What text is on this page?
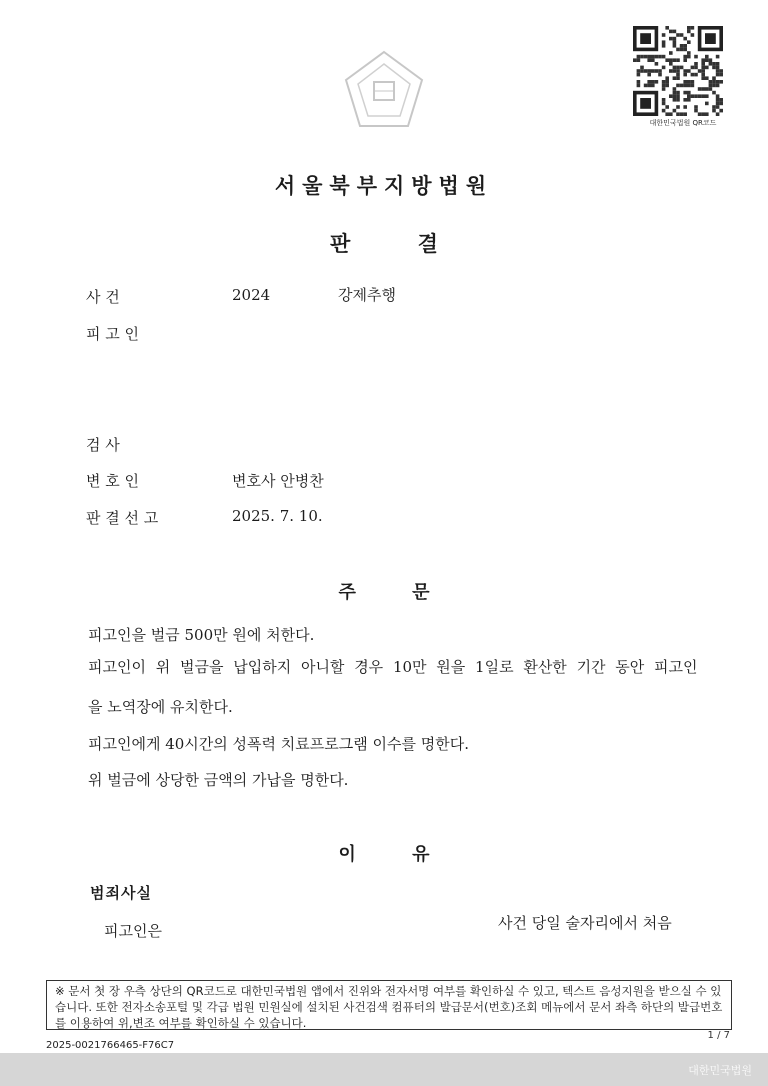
대한민국법원 QR코드
서울북부지방법원
판 결
사 건	2024	강제추행
피 고 인
검 사
변 호 인	변호사 안병찬
판 결 선 고	2025. 7. 10.
주 문
피고인을 벌금 500만 원에 처한다.
피고인이 위 벌금을 납입하지 아니할 경우 10만 원을 1일로 환산한 기간 동안 피고인
을 노역장에 유치한다.
피고인에게 40시간의 성폭력 치료프로그램 이수를 명한다.
위 벌금에 상당한 금액의 가납을 명한다.
이 유
범죄사실
피고인은	사건 당일 술자리에서 처음
※ 문서 첫 장 우측 상단의 QR코드로 대한민국법원 앱에서 진위와 전자서명 여부를 확인하실 수 있고, 텍스트 음성지원을 받으실 수 있습니다. 또한 전자소송포털 및 각급 법원 민원실에 설치된 사건검색 컴퓨터의 발급문서(번호)조회 메뉴에서 문서 좌측 하단의 발급번호를 이용하여 위,변조 여부를 확인하실 수 있습니다.
1 / 7
2025-0021766465-F76C7
대한민국법원
